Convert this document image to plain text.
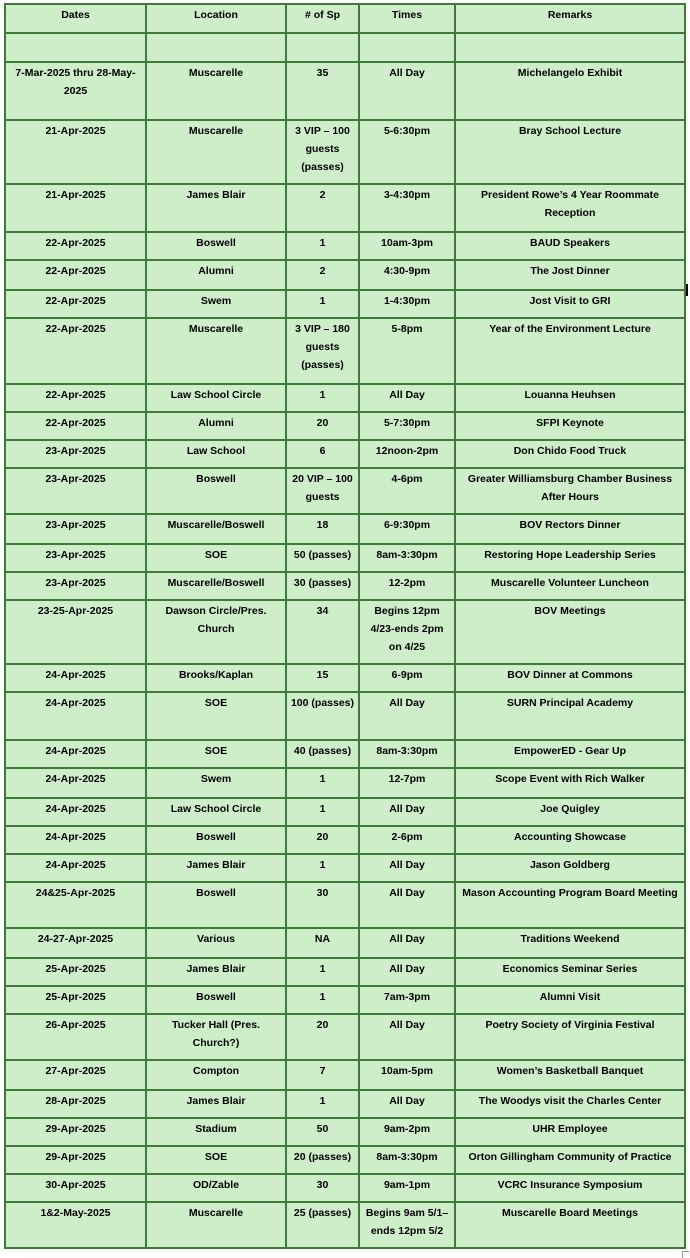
Dates	Location	# of Sp	Times	Remarks

7-Mar-2025 thru 28-May-2025	Muscarelle	35	All Day	Michelangelo Exhibit
21-Apr-2025	Muscarelle	3 VIP – 100 guests (passes)	5-6:30pm	Bray School Lecture
21-Apr-2025	James Blair	2	3-4:30pm	President Rowe’s 4 Year Roommate Reception
22-Apr-2025	Boswell	1	10am-3pm	BAUD Speakers
22-Apr-2025	Alumni	2	4:30-9pm	The Jost Dinner
22-Apr-2025	Swem	1	1-4:30pm	Jost Visit to GRI
22-Apr-2025	Muscarelle	3 VIP – 180 guests (passes)	5-8pm	Year of the Environment Lecture
22-Apr-2025	Law School Circle	1	All Day	Louanna Heuhsen
22-Apr-2025	Alumni	20	5-7:30pm	SFPI Keynote
23-Apr-2025	Law School	6	12noon-2pm	Don Chido Food Truck
23-Apr-2025	Boswell	20 VIP – 100 guests	4-6pm	Greater Williamsburg Chamber Business After Hours
23-Apr-2025	Muscarelle/Boswell	18	6-9:30pm	BOV Rectors Dinner
23-Apr-2025	SOE	50 (passes)	8am-3:30pm	Restoring Hope Leadership Series
23-Apr-2025	Muscarelle/Boswell	30 (passes)	12-2pm	Muscarelle Volunteer Luncheon
23-25-Apr-2025	Dawson Circle/Pres. Church	34	Begins 12pm 4/23-ends 2pm on 4/25	BOV Meetings
24-Apr-2025	Brooks/Kaplan	15	6-9pm	BOV Dinner at Commons
24-Apr-2025	SOE	100 (passes)	All Day	SURN Principal Academy
24-Apr-2025	SOE	40 (passes)	8am-3:30pm	EmpowerED - Gear Up
24-Apr-2025	Swem	1	12-7pm	Scope Event with Rich Walker
24-Apr-2025	Law School Circle	1	All Day	Joe Quigley
24-Apr-2025	Boswell	20	2-6pm	Accounting Showcase
24-Apr-2025	James Blair	1	All Day	Jason Goldberg
24&25-Apr-2025	Boswell	30	All Day	Mason Accounting Program Board Meeting
24-27-Apr-2025	Various	NA	All Day	Traditions Weekend
25-Apr-2025	James Blair	1	All Day	Economics Seminar Series
25-Apr-2025	Boswell	1	7am-3pm	Alumni Visit
26-Apr-2025	Tucker Hall (Pres. Church?)	20	All Day	Poetry Society of Virginia Festival
27-Apr-2025	Compton	7	10am-5pm	Women’s Basketball Banquet
28-Apr-2025	James Blair	1	All Day	The Woodys visit the Charles Center
29-Apr-2025	Stadium	50	9am-2pm	UHR Employee
29-Apr-2025	SOE	20 (passes)	8am-3:30pm	Orton Gillingham Community of Practice
30-Apr-2025	OD/Zable	30	9am-1pm	VCRC Insurance Symposium
1&2-May-2025	Muscarelle	25 (passes)	Begins 9am 5/1– ends 12pm 5/2	Muscarelle Board Meetings
